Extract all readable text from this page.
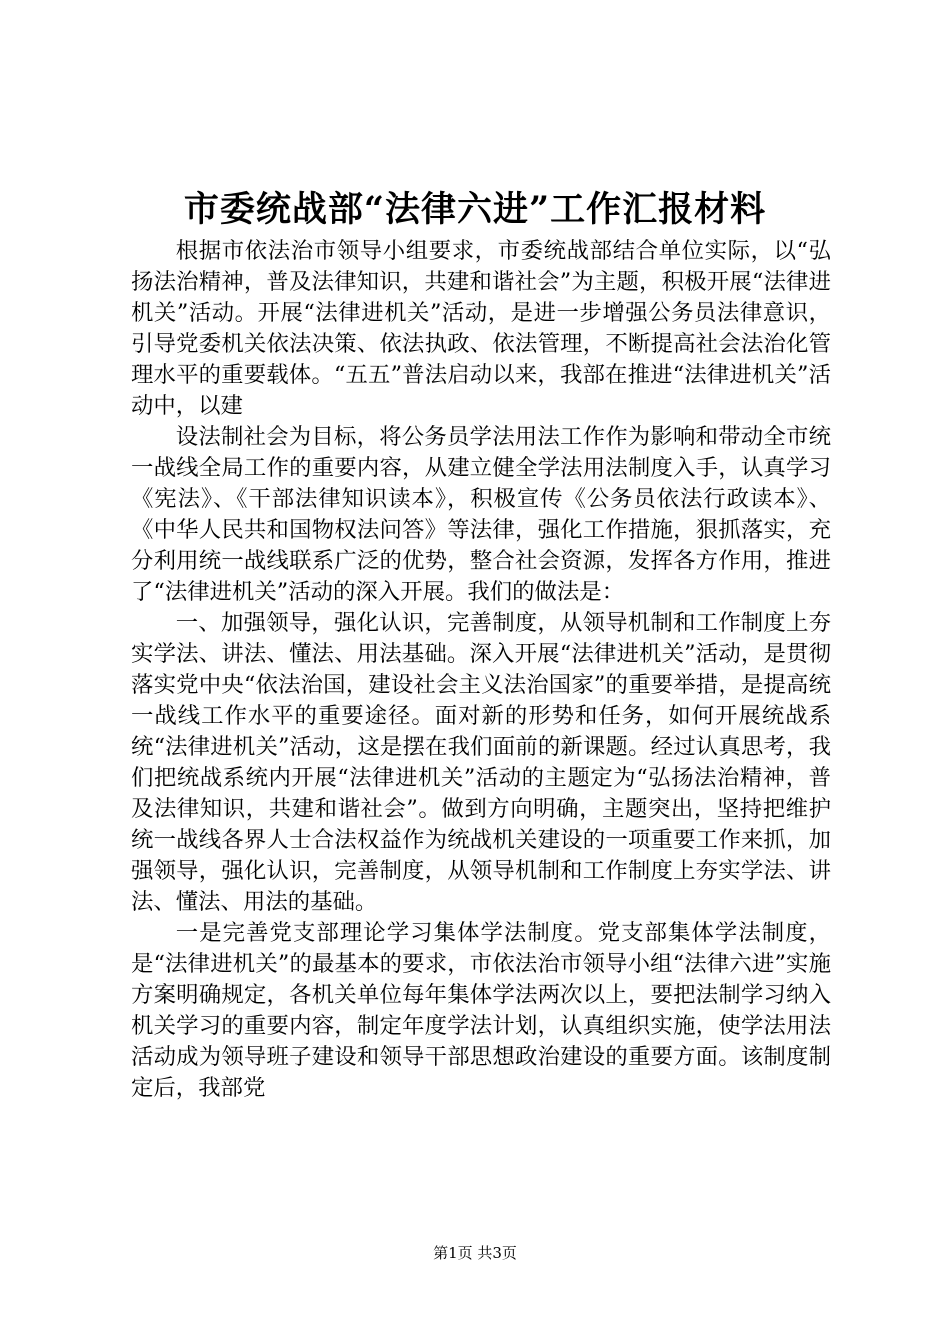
市委统战部“法律六进”工作汇报材料

根据市依法治市领导小组要求，市委统战部结合单位实际，以“弘扬法治精神，普及法律知识，共建和谐社会”为主题，积极开展“法律进机关”活动。开展“法律进机关”活动，是进一步增强公务员法律意识，引导党委机关依法决策、依法执政、依法管理，不断提高社会法治化管理水平的重要载体。“五五”普法启动以来，我部在推进“法律进机关”活动中，以建

设法制社会为目标，将公务员学法用法工作作为影响和带动全市统一战线全局工作的重要内容，从建立健全学法用法制度入手，认真学习《宪法》、《干部法律知识读本》，积极宣传《公务员依法行政读本》、《中华人民共和国物权法问答》等法律，强化工作措施，狠抓落实，充分利用统一战线联系广泛的优势，整合社会资源，发挥各方作用，推进了“法律进机关”活动的深入开展。我们的做法是：

一、加强领导，强化认识，完善制度，从领导机制和工作制度上夯实学法、讲法、懂法、用法基础。深入开展“法律进机关”活动，是贯彻落实党中央“依法治国，建设社会主义法治国家”的重要举措，是提高统一战线工作水平的重要途径。面对新的形势和任务，如何开展统战系统“法律进机关”活动，这是摆在我们面前的新课题。经过认真思考，我们把统战系统内开展“法律进机关”活动的主题定为“弘扬法治精神，普及法律知识，共建和谐社会”。做到方向明确，主题突出，坚持把维护统一战线各界人士合法权益作为统战机关建设的一项重要工作来抓，加强领导，强化认识，完善制度，从领导机制和工作制度上夯实学法、讲法、懂法、用法的基础。

一是完善党支部理论学习集体学法制度。党支部集体学法制度，是“法律进机关”的最基本的要求，市依法治市领导小组“法律六进”实施方案明确规定，各机关单位每年集体学法两次以上，要把法制学习纳入机关学习的重要内容，制定年度学法计划，认真组织实施，使学法用法活动成为领导班子建设和领导干部思想政治建设的重要方面。该制度制定后，我部党

第1页 共3页
